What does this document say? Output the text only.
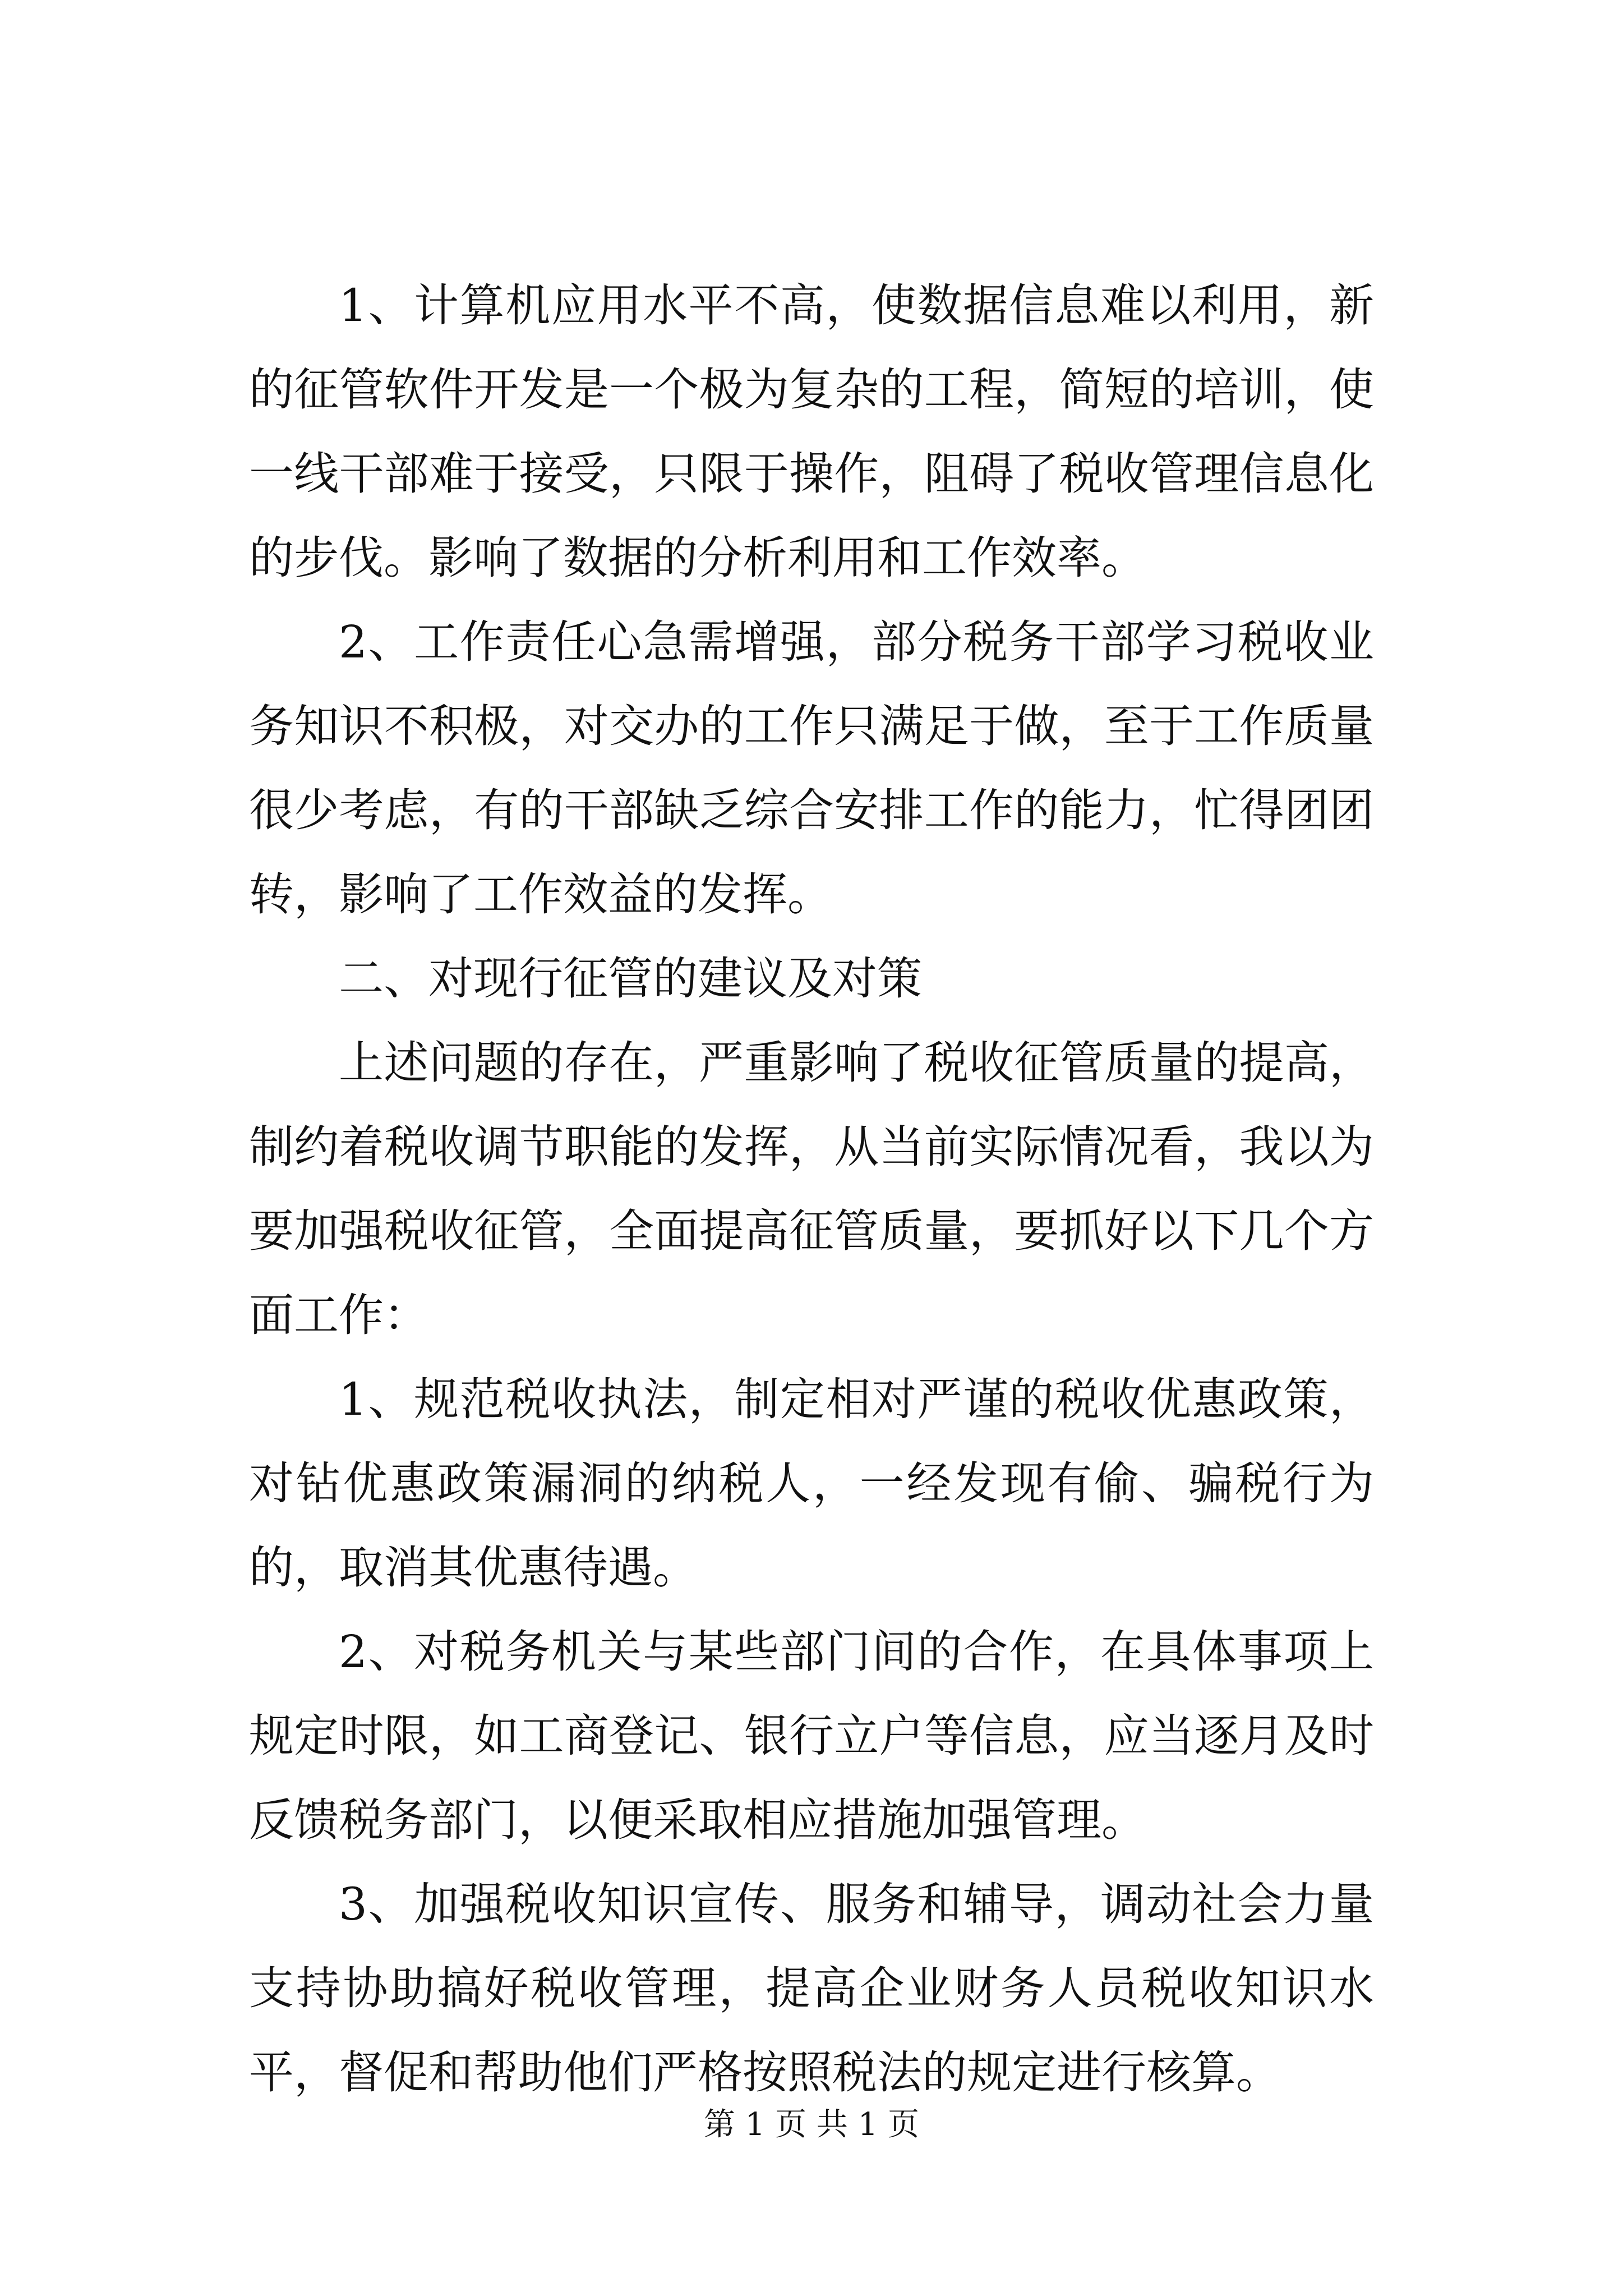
1、计算机应用水平不高，使数据信息难以利用，新的征管软件开发是一个极为复杂的工程，简短的培训，使一线干部难于接受，只限于操作，阻碍了税收管理信息化的步伐。影响了数据的分析利用和工作效率。

2、工作责任心急需增强，部分税务干部学习税收业务知识不积极，对交办的工作只满足于做，至于工作质量很少考虑，有的干部缺乏综合安排工作的能力，忙得团团转，影响了工作效益的发挥。

二、对现行征管的建议及对策

上述问题的存在，严重影响了税收征管质量的提高，制约着税收调节职能的发挥，从当前实际情况看，我以为要加强税收征管，全面提高征管质量，要抓好以下几个方面工作：

1、规范税收执法，制定相对严谨的税收优惠政策，对钻优惠政策漏洞的纳税人，一经发现有偷、骗税行为的，取消其优惠待遇。

2、对税务机关与某些部门间的合作，在具体事项上规定时限，如工商登记、银行立户等信息，应当逐月及时反馈税务部门，以便采取相应措施加强管理。

3、加强税收知识宣传、服务和辅导，调动社会力量支持协助搞好税收管理，提高企业财务人员税收知识水平，督促和帮助他们严格按照税法的规定进行核算。

第 1 页 共 1 页
